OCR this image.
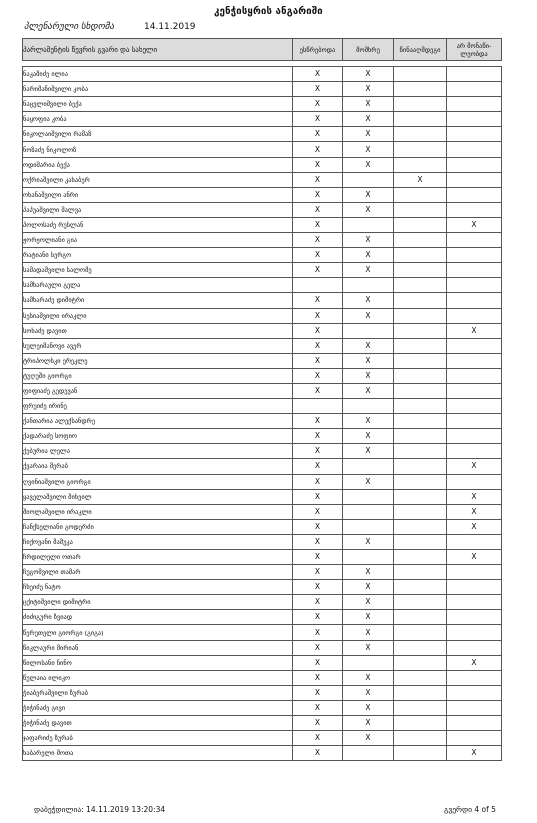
კენჭისყრის ანგარიში
პლენარული სხდომა	14.11.2019
პარლამენტის წევრის გვარი და სახელი	ესწრებოდა	მომხრე	წინააღმდეგი	არ მონაწი-ლეობდა

ნაკაშიძე ილია	X	X		
ნარიმანიშვილი კობა	X	X		
ნაცვლიშვილი ბექა	X	X		
ნაყოფია კობა	X	X		
ნიკოლაიშვილი რამაზ	X	X		
ნოზაძე ნიკოლოზ	X	X		
ოდიშარია ბექა	X	X		
ოქრიაშვილი კახაბერ	X		X	
ოხანაშვილი ანრი	X	X		
პაპუაშვილი შალვა	X	X		
პოლოსაძე რუსლან	X			X
ჟორჟოლიანი გია	X	X		
რატიანი სერგო	X	X		
სამადაშვილი სალომე	X	X		
სამხარაული გელა				
სამხარაძე დიმიტრი	X	X		
სესიაშვილი ირაკლი	X	X		
სოხაძე დავით	X			X
სულეიმანოვი ავერ	X	X		
ტრიპოლსკი ერეკლე	X	X		
ტუღუში გიორგი	X	X		
ფიფიაძე გედევან	X	X		
ფრუიძე ირინე				
ქანთარია ალექსანდრე	X	X		
ქადარაძე სოფიო	X	X		
ქებურია ლელა	X	X		
ქვარაია მერაბ	X			X
ღვინიაშვილი გიორგი	X	X		
ყაველაშვილი მიხეილ	X			X
შიოლაშვილი ირაკლი	X			X
ჩანქსელიანი გოდერძი	X			X
ჩიქოვანი მამუკა	X	X		
ჩრდილელი ოთარ	X			X
ჩუგოშვილი თამარ	X	X		
ჩხეიძე ნატო	X	X		
ცქიტიშვილი დიმიტრი	X	X		
ძიძიგური ზვიად	X	X		
წერეთელი გიორგი (გიგა)	X	X		
წიკლაური მირიან	X	X		
წილოსანი ნინო	X			X
წულაია ილიკო	X	X		
ჭიაბერაშვილი ზურაბ	X	X		
ჭიჭინაძე გივი	X	X		
ჭიჭინაძე დავით	X	X		
ჯაფარიძე ზურაბ	X	X		
ხაბარელი მოთა	X			X
დაბეჭდილია: 14.11.2019 13:20:34	გვერდი 4 of 5
